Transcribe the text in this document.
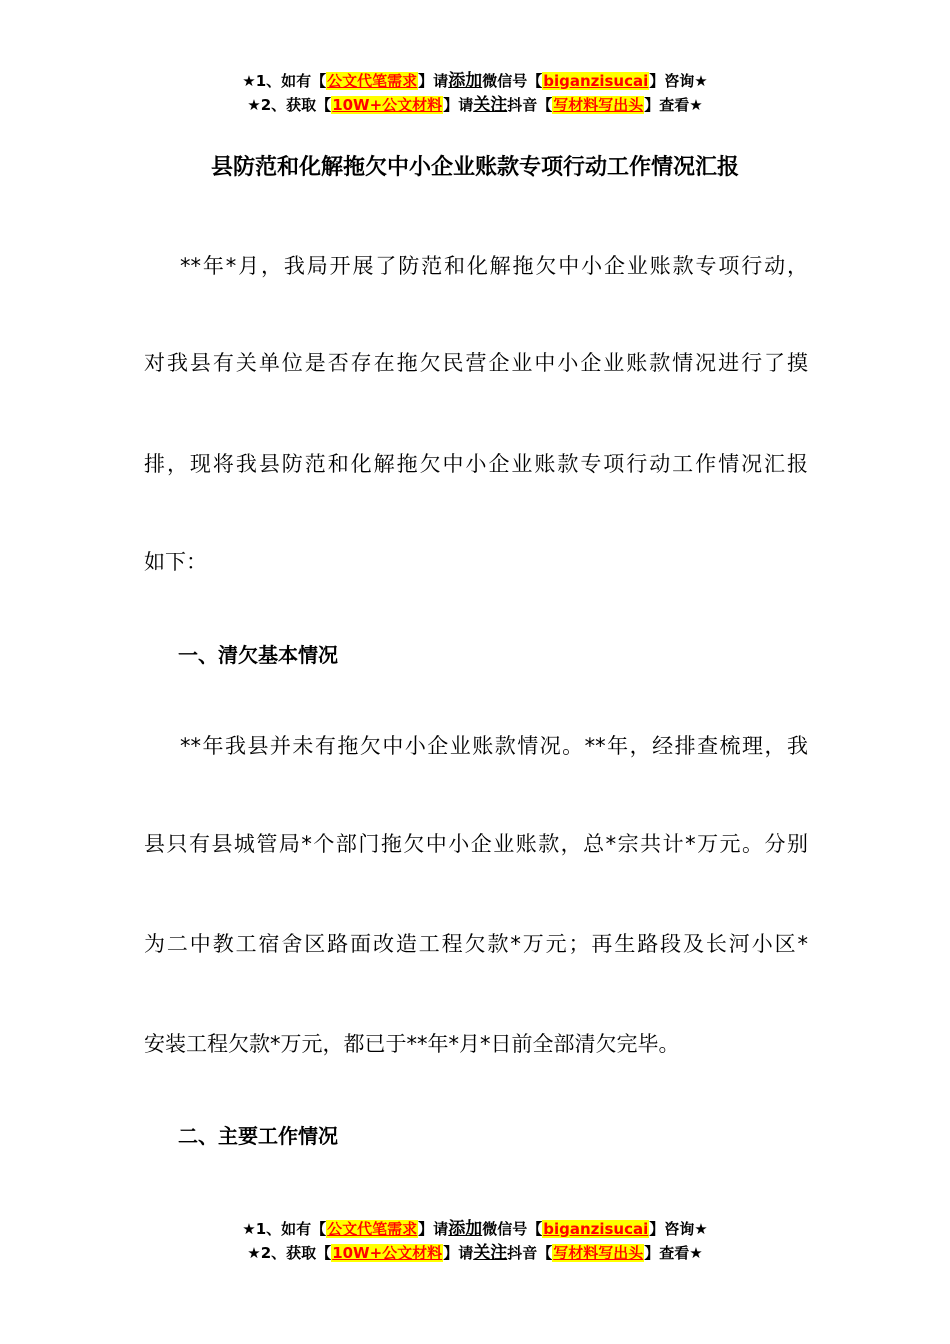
★1、如有【公文代笔需求】请添加微信号【biganzisucai】咨询★
★2、获取【10W+公文材料】请关注抖音【写材料写出头】查看★
县防范和化解拖欠中小企业账款专项行动工作情况汇报
**年*月，我局开展了防范和化解拖欠中小企业账款专项行动，
对我县有关单位是否存在拖欠民营企业中小企业账款情况进行了摸
排，现将我县防范和化解拖欠中小企业账款专项行动工作情况汇报
如下：
一、清欠基本情况
**年我县并未有拖欠中小企业账款情况。**年，经排查梳理，我
县只有县城管局*个部门拖欠中小企业账款，总*宗共计*万元。分别
为二中教工宿舍区路面改造工程欠款*万元；再生路段及长河小区*
安装工程欠款*万元，都已于**年*月*日前全部清欠完毕。
二、主要工作情况
★1、如有【公文代笔需求】请添加微信号【biganzisucai】咨询★
★2、获取【10W+公文材料】请关注抖音【写材料写出头】查看★
